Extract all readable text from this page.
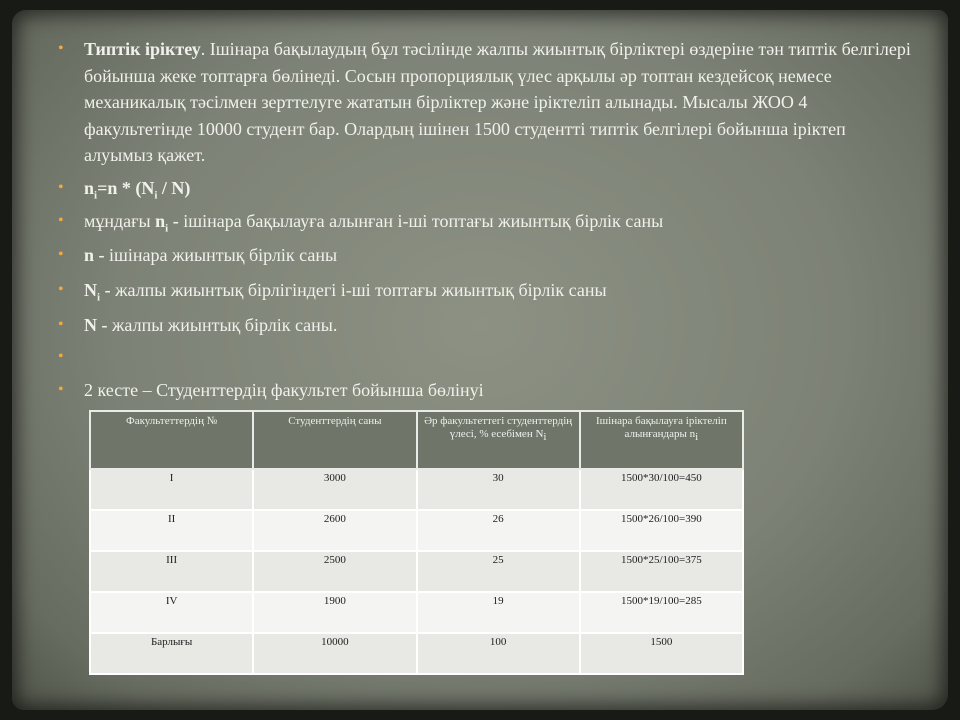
• Типтік іріктеу. Ішінара бақылаудың бұл тәсілінде жалпы жиынтық бірліктері өздеріне тән типтік белгілері бойынша жеке топтарға бөлінеді. Сосын пропорциялық үлес арқылы әр топтан кездейсоқ немесе механикалық тәсілмен зерттелуге жататын бірліктер және іріктеліп алынады. Мысалы ЖОО 4 факультетінде 10000 студент бар. Олардың ішінен 1500 студентті типтік белгілері бойынша іріктеп алуымыз қажет.
• $n_i=n * (N_i / N)$
• мұндағы $n_i$ - ішінара бақылауға алынған і-ші топтағы жиынтық бірлік саны
• n - ішінара жиынтық бірлік саны
• $N_i$ - жалпы жиынтық бірлігіндегі і-ші топтағы жиынтық бірлік саны
• N - жалпы жиынтық бірлік саны.
•
• 2 кесте – Студенттердің факультет бойынша бөлінуі
Факультеттердің №	Студенттердің саны	Әр факультеттегі студенттердің үлесі, % есебімен $N_i$	Ішінара бақылауға іріктеліп алынғандары $n_i$
I	3000	30	1500*30/100=450
II	2600	26	1500*26/100=390
III	2500	25	1500*25/100=375
IV	1900	19	1500*19/100=285
Барлығы	10000	100	1500
